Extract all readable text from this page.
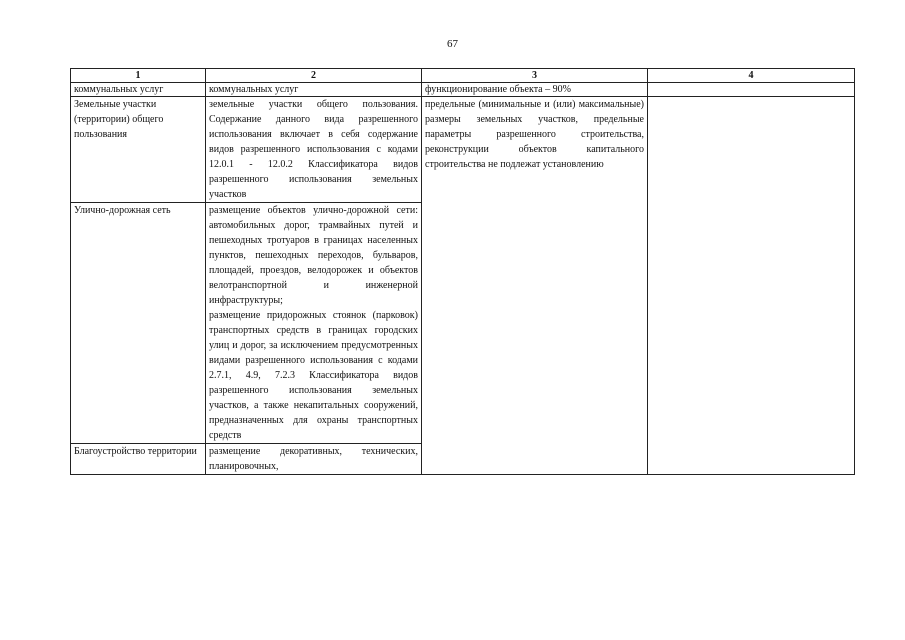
67
1	2	3	4
коммунальных услуг	коммунальных услуг	функционирование объекта – 90%	
Земельные участки (территории) общего пользования	земельные участки общего пользования. Содержание данного вида разрешенного использования включает в себя содержание видов разрешенного использования с кодами 12.0.1 - 12.0.2 Классификатора видов разрешенного использования земельных участков	предельные (минимальные и (или) максимальные) размеры земельных участков, предельные параметры разрешенного строительства, реконструкции объектов капитального строительства не подлежат установлению	
Улично-дорожная сеть	размещение объектов улично-дорожной сети: автомобильных дорог, трамвайных путей и пешеходных тротуаров в границах населенных пунктов, пешеходных переходов, бульваров, площадей, проездов, велодорожек и объектов велотранспортной и инженерной инфраструктуры;
размещение придорожных стоянок (парковок) транспортных средств в границах городских улиц и дорог, за исключением предусмотренных видами разрешенного использования с кодами 2.7.1, 4.9, 7.2.3 Классификатора видов разрешенного использования земельных участков, а также некапитальных сооружений, предназначенных для охраны транспортных средств		
Благоустройство территории	размещение декоративных, технических, планировочных,		
